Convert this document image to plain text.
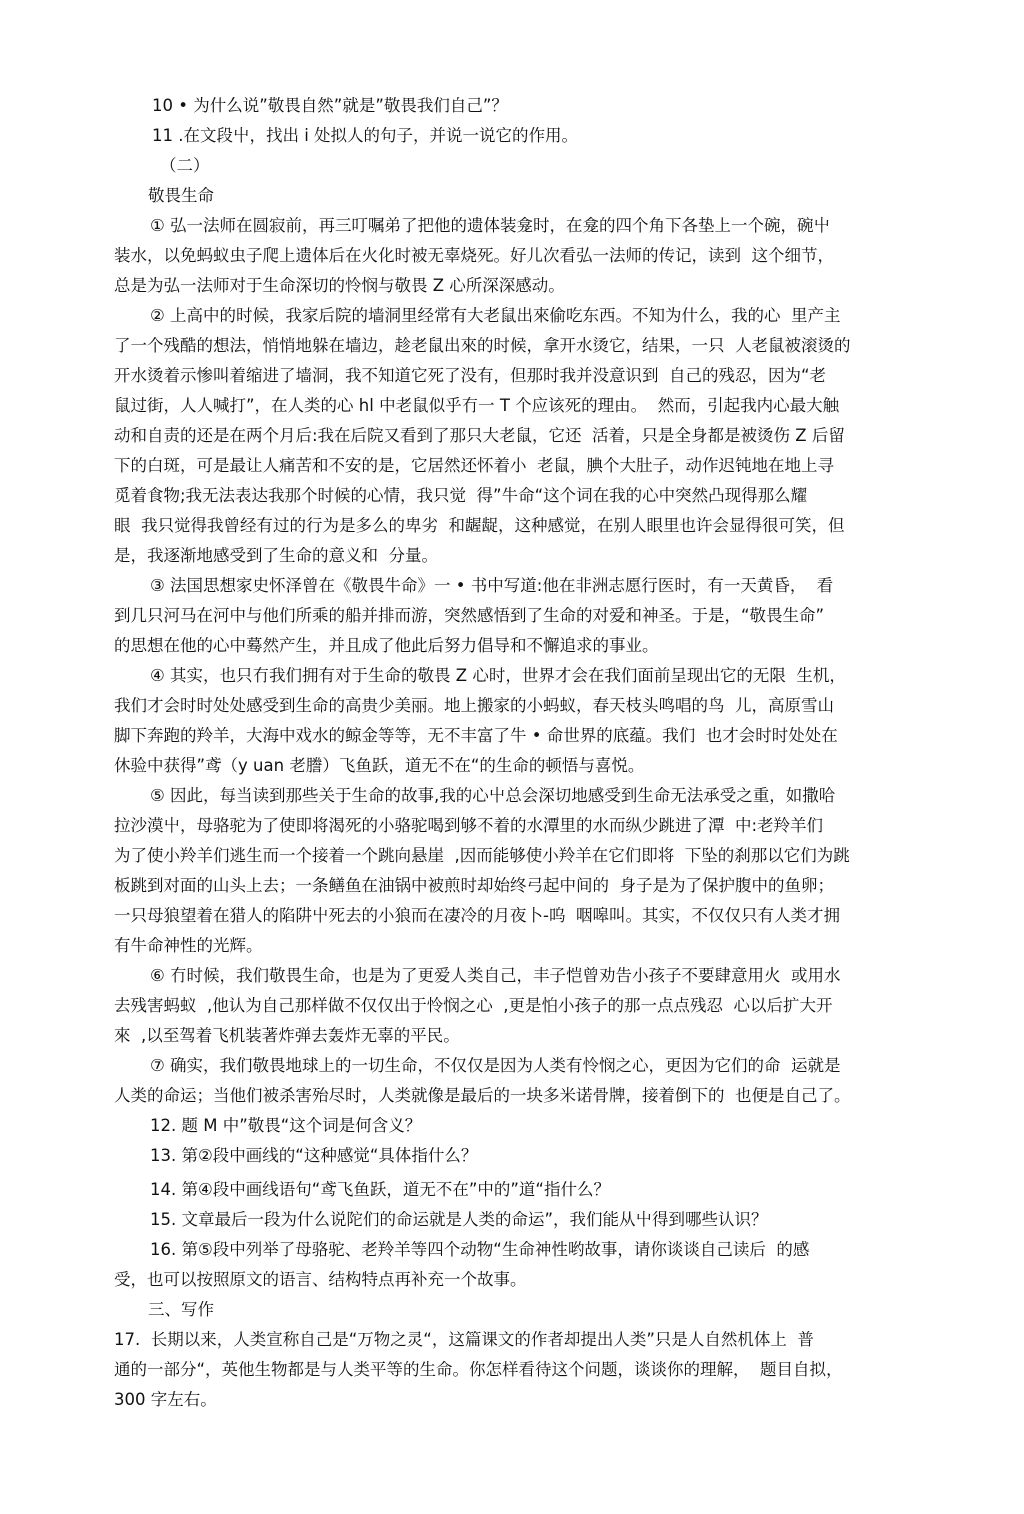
10 • 为什么说”敬畏自然”就是”敬畏我们自己”？
11 .在文段屮，找出 i 处拟人的句子，并说一说它的作用。
（二）
敬畏生命
① 弘一法师在圆寂前，再三叮嘱弟了把他的遗体装龛时，在龛的四个角下各垫上一个碗，碗屮
装水，以免蚂蚁虫子爬上遗体后在火化时被无辜烧死。好儿次看弘一法师的传记，读到  这个细节，
总是为弘一法师对于生命深切的怜悯与敬畏 Z 心所深深感动。
② 上高中的时候，我家后院的墙洞里经常有大老鼠出來偷吃东西。不知为什么，我的心  里产主
了一个残酷的想法，悄悄地躲在墙边，趁老鼠出來的时候，拿开水烫它，结果，一只  人老鼠被滚烫的
开水烫着示惨叫着缩进了墙洞，我不知道它死了没有，但那时我并没意识到  自己的残忍，因为“老
鼠过街，人人喊打”，在人类的心 hl 中老鼠似乎冇一 T 个应该死的理由。  然而，引起我内心最大触
动和自责的还是在两个月后:我在后院又看到了那只大老鼠，它还  活着，只是全身都是被烫伤 Z 后留
下的白斑，可是最让人痛苦和不安的是，它居然还怀着小  老鼠，腆个大肚子，动作迟钝地在地上寻
觅着食物;我无法表达我那个时候的心情，我只觉  得”牛命“这个词在我的心中突然凸现得那么耀
眼  我只觉得我曾经有过的行为是多么的卑劣  和龌龊，这种感觉，在别人眼里也许会显得很可笑，但
是，我逐渐地感受到了生命的意义和  分量。
③ 法国思想家史怀泽曾在《敬畏牛命》一 • 书中写道:他在非洲志愿行医时，有一天黄昏，  看
到几只河马在河中与他们所乘的船并排而游，突然感悟到了生命的对爱和神圣。于是，“敬畏生命”
的思想在他的心中蓦然产生，并且成了他此后努力倡导和不懈追求的事业。
④ 其实，也只冇我们拥有对于生命的敬畏 Z 心时，世界才会在我们面前呈现出它的无限  生机，
我们才会时时处处感受到生命的高贵少美丽。地上搬家的小蚂蚁，春天枝头鸣唱的鸟  儿，高原雪山
脚下奔跑的羚羊，大海中戏水的鲸金等等，无不丰富了牛 • 命世界的底蕴。我们  也才会时时处处在
休验中获得”鸢（y uan 老謄）飞鱼跃，道无不在“的生命的顿悟与喜悦。
⑤ 因此，每当读到那些关于生命的故事,我的心屮总会深切地感受到生命无法承受之重，如撒哈
拉沙漠屮，母骆驼为了使即将渴死的小骆驼喝到够不着的水潭里的水而纵少跳进了潭  中:老羚羊们
为了使小羚羊们逃生而一个接着一个跳向悬崖  ,因而能够使小羚羊在它们即将  下坠的刹那以它们为跳
板跳到对面的山头上去；一条鳝鱼在油锅中被煎时却始终弓起中间的  身子是为了保护腹中的鱼卵；
一只母狼望着在猎人的陷阱屮死去的小狼而在凄冷的月夜卜-呜  咽嗥叫。其实，不仅仅只有人类才拥
有牛命神性的光辉。
⑥ 冇时候，我们敬畏生命，也是为了更爱人类自己，丰子恺曾劝告小孩子不要肆意用火  或用水
去残害蚂蚁  ,他认为自己那样做不仅仅出于怜悯之心  ,更是怕小孩子的那一点点残忍  心以后扩大开
來  ,以至驾着飞机装著炸弹去轰炸无辜的平民。
⑦ 确实，我们敬畏地球上的一切生命，不仅仅是因为人类有怜悯之心，更因为它们的命  运就是
人类的命运；当他们被杀害殆尽时，人类就像是最后的一块多米诺骨牌，接着倒下的  也便是自己了。
12. 题 M 中”敬畏“这个词是何含义？
13. 第②段中画线的“这种感觉“具体指什么？
14. 第④段中画线语句“鸢飞鱼跃，道无不在”中的”道“指什么？
15. 文章最后一段为什么说陀们的命运就是人类的命运”，我们能从屮得到哪些认识？
16. 第⑤段中列举了母骆驼、老羚羊等四个动物“生命神性哟故事，请你谈谈自己读后  的感
受，也可以按照原文的语言、结构特点再补充一个故事。
三、写作
17.  长期以来，人类宣称自己是“万物之灵“，这篇课文的作者却提出人类”只是人自然机体上  普
通的一部分“，英他生物都是与人类平等的生命。你怎样看待这个问题，谈谈你的理解，  题目自拟，
300 字左右。
